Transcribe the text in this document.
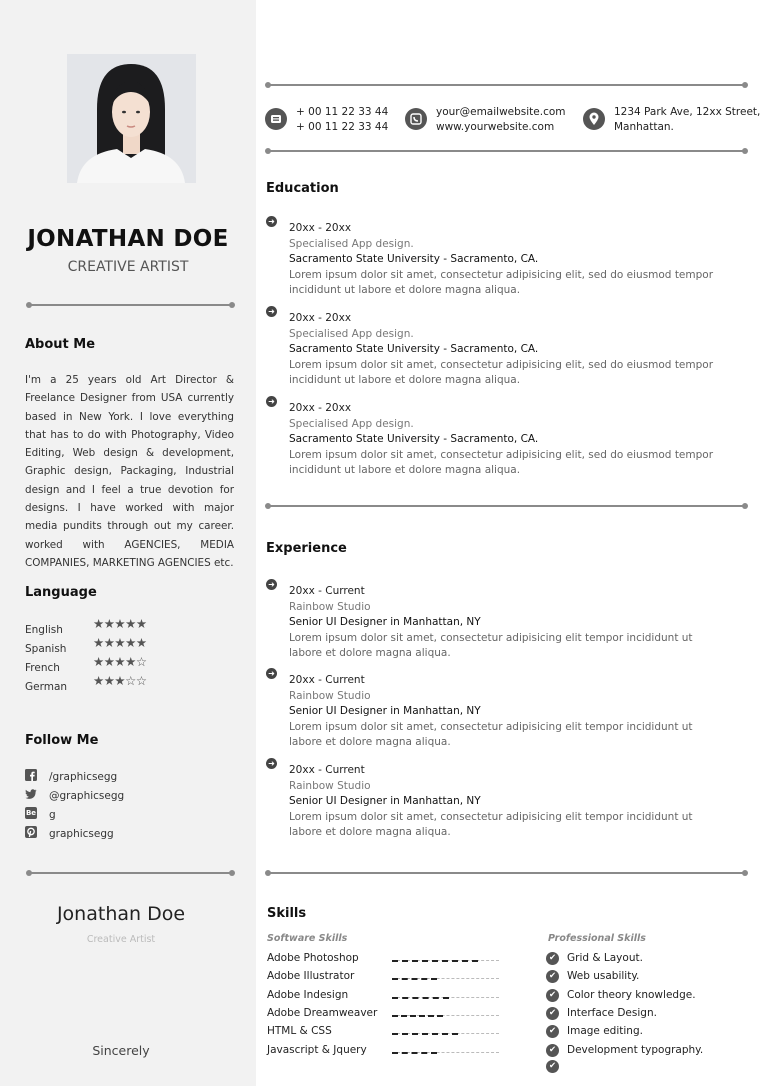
JONATHAN DOE
CREATIVE ARTIST
About Me
I'm a 25 years old Art Director & Freelance Designer from USA currently based in New York. I love everything that has to do with Photography, Video Editing, Web design & development, Graphic design, Packaging, Industrial design and I feel a true devotion for designs. I have worked with major media pundits through out my career. worked with AGENCIES, MEDIA COMPANIES, MARKETING AGENCIES etc.
Language
English ★★★★★
Spanish ★★★★★
French	★★★★☆
German ★★★☆☆
Follow Me
/graphicsegg
@graphicsegg
Be g
graphicsegg
Jonathan Doe
Creative Artist
Sincerely
+ 00 11 22 33 44
+ 00 11 22 33 44
your@emailwebsite.com
www.yourwebsite.com
1234 Park Ave, 12xx Street,
Manhattan.
Education
➜
20xx - 20xx
Specialised App design.
Sacramento State University - Sacramento, CA.
Lorem ipsum dolor sit amet, consectetur adipisicing elit, sed do eiusmod tempor incididunt ut labore et dolore magna aliqua.
➜
20xx - 20xx
Specialised App design.
Sacramento State University - Sacramento, CA.
Lorem ipsum dolor sit amet, consectetur adipisicing elit, sed do eiusmod tempor incididunt ut labore et dolore magna aliqua.
➜
20xx - 20xx
Specialised App design.
Sacramento State University - Sacramento, CA.
Lorem ipsum dolor sit amet, consectetur adipisicing elit, sed do eiusmod tempor incididunt ut labore et dolore magna aliqua.
Experience
➜
20xx - Current
Rainbow Studio
Senior UI Designer in Manhattan, NY
Lorem ipsum dolor sit amet, consectetur adipisicing elit tempor incididunt ut labore et dolore magna aliqua.
➜
20xx - Current
Rainbow Studio
Senior UI Designer in Manhattan, NY
Lorem ipsum dolor sit amet, consectetur adipisicing elit tempor incididunt ut labore et dolore magna aliqua.
➜
20xx - Current
Rainbow Studio
Senior UI Designer in Manhattan, NY
Lorem ipsum dolor sit amet, consectetur adipisicing elit tempor incididunt ut labore et dolore magna aliqua.
Skills
Software Skills	Professional Skills
Adobe Photoshop
Adobe Illustrator
Adobe Indesign
Adobe Dreamweaver
HTML & CSS
Javascript & Jquery
✔ Grid & Layout.
✔ Web usability.
✔ Color theory knowledge.
✔ Interface Design.
✔ Image editing.
✔ Development typography.
✔
